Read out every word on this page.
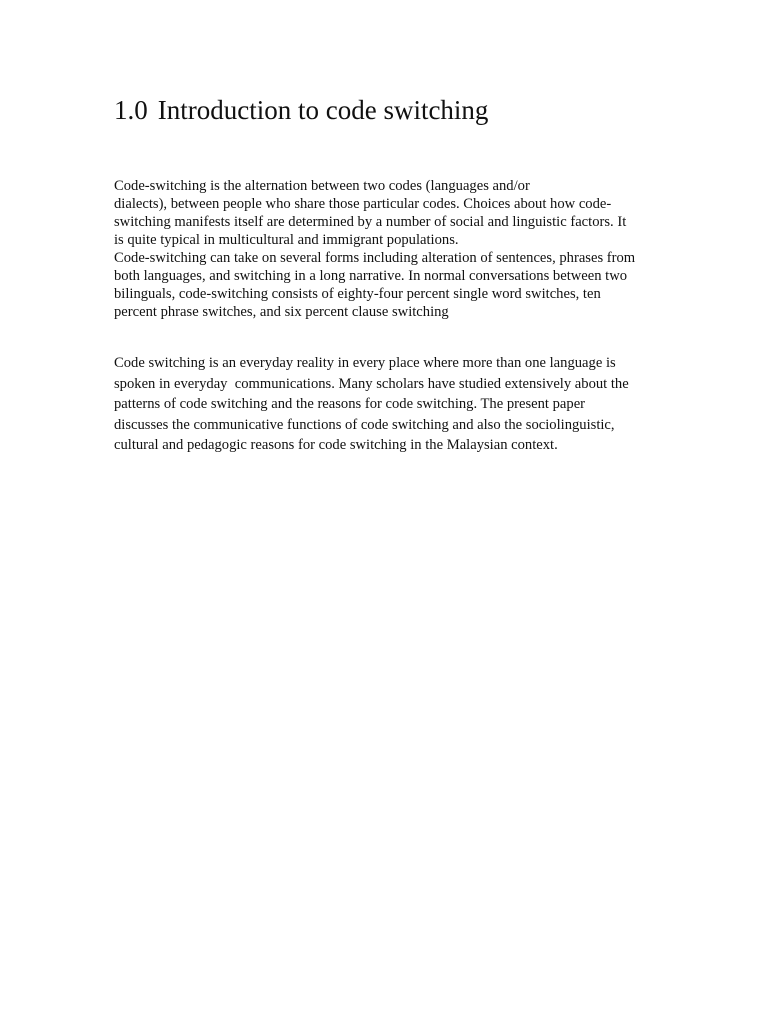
1.0 Introduction to code switching
Code-switching is the alternation between two codes (languages and/or
dialects), between people who share those particular codes. Choices about how code-
switching manifests itself are determined by a number of social and linguistic factors. It
is quite typical in multicultural and immigrant populations.
Code-switching can take on several forms including alteration of sentences, phrases from
both languages, and switching in a long narrative. In normal conversations between two
bilinguals, code-switching consists of eighty-four percent single word switches, ten
percent phrase switches, and six percent clause switching
Code switching is an everyday reality in every place where more than one language is
spoken in everyday  communications. Many scholars have studied extensively about the
patterns of code switching and the reasons for code switching. The present paper
discusses the communicative functions of code switching and also the sociolinguistic,
cultural and pedagogic reasons for code switching in the Malaysian context.
